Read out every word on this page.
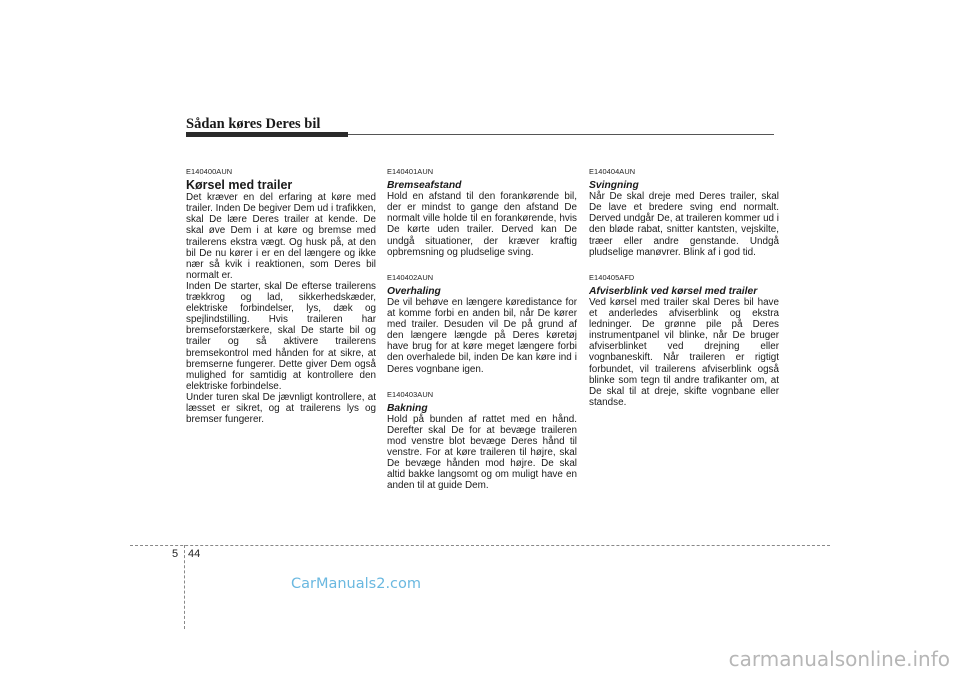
Sådan køres Deres bil
E140400AUN
Kørsel med trailer

Det kræver en del erfaring at køre med trailer. Inden De begiver Dem ud i trafikken, skal De lære Deres trailer at kende. De skal øve Dem i at køre og bremse med trailerens ekstra vægt. Og husk på, at den bil De nu kører i er en del længere og ikke nær så kvik i reaktionen, som Deres bil normalt er.

Inden De starter, skal De efterse trailerens trækkrog og lad, sikkerhedskæder, elektriske forbindelser, lys, dæk og spejlindstilling. Hvis traileren har bremseforstærkere, skal De starte bil og trailer og så aktivere trailerens bremsekontrol med hånden for at sikre, at bremserne fungerer. Dette giver Dem også mulighed for samtidig at kontrollere den elektriske forbindelse.

Under turen skal De jævnligt kontrollere, at læsset er sikret, og at trailerens lys og bremser fungerer.

E140401AUN
Bremseafstand

Hold en afstand til den forankørende bil, der er mindst to gange den afstand De normalt ville holde til en forankørende, hvis De kørte uden trailer. Derved kan De undgå situationer, der kræver kraftig opbremsning og pludselige sving.

E140402AUN
Overhaling

De vil behøve en længere køredistance for at komme forbi en anden bil, når De kører med trailer. Desuden vil De på grund af den længere længde på Deres køretøj have brug for at køre meget længere forbi den overhalede bil, inden De kan køre ind i Deres vognbane igen.

E140403AUN
Bakning

Hold på bunden af rattet med en hånd. Derefter skal De for at bevæge traileren mod venstre blot bevæge Deres hånd til venstre. For at køre traileren til højre, skal De bevæge hånden mod højre. De skal altid bakke langsomt og om muligt have en anden til at guide Dem.

E140404AUN
Svingning

Når De skal dreje med Deres trailer, skal De lave et bredere sving end normalt. Derved undgår De, at traileren kommer ud i den bløde rabat, snitter kantsten, vejskilte, træer eller andre genstande. Undgå pludselige manøvrer. Blink af i god tid.

E140405AFD
Afviserblink ved kørsel med trailer

Ved kørsel med trailer skal Deres bil have et anderledes afviserblink og ekstra ledninger. De grønne pile på Deres instrumentpanel vil blinke, når De bruger afviserblinket ved drejning eller vognbaneskift. Når traileren er rigtigt forbundet, vil trailerens afviserblink også blinke som tegn til andre trafikanter om, at De skal til at dreje, skifte vognbane eller standse.

5 44
CarManuals2.com
carmanualsonline.info
